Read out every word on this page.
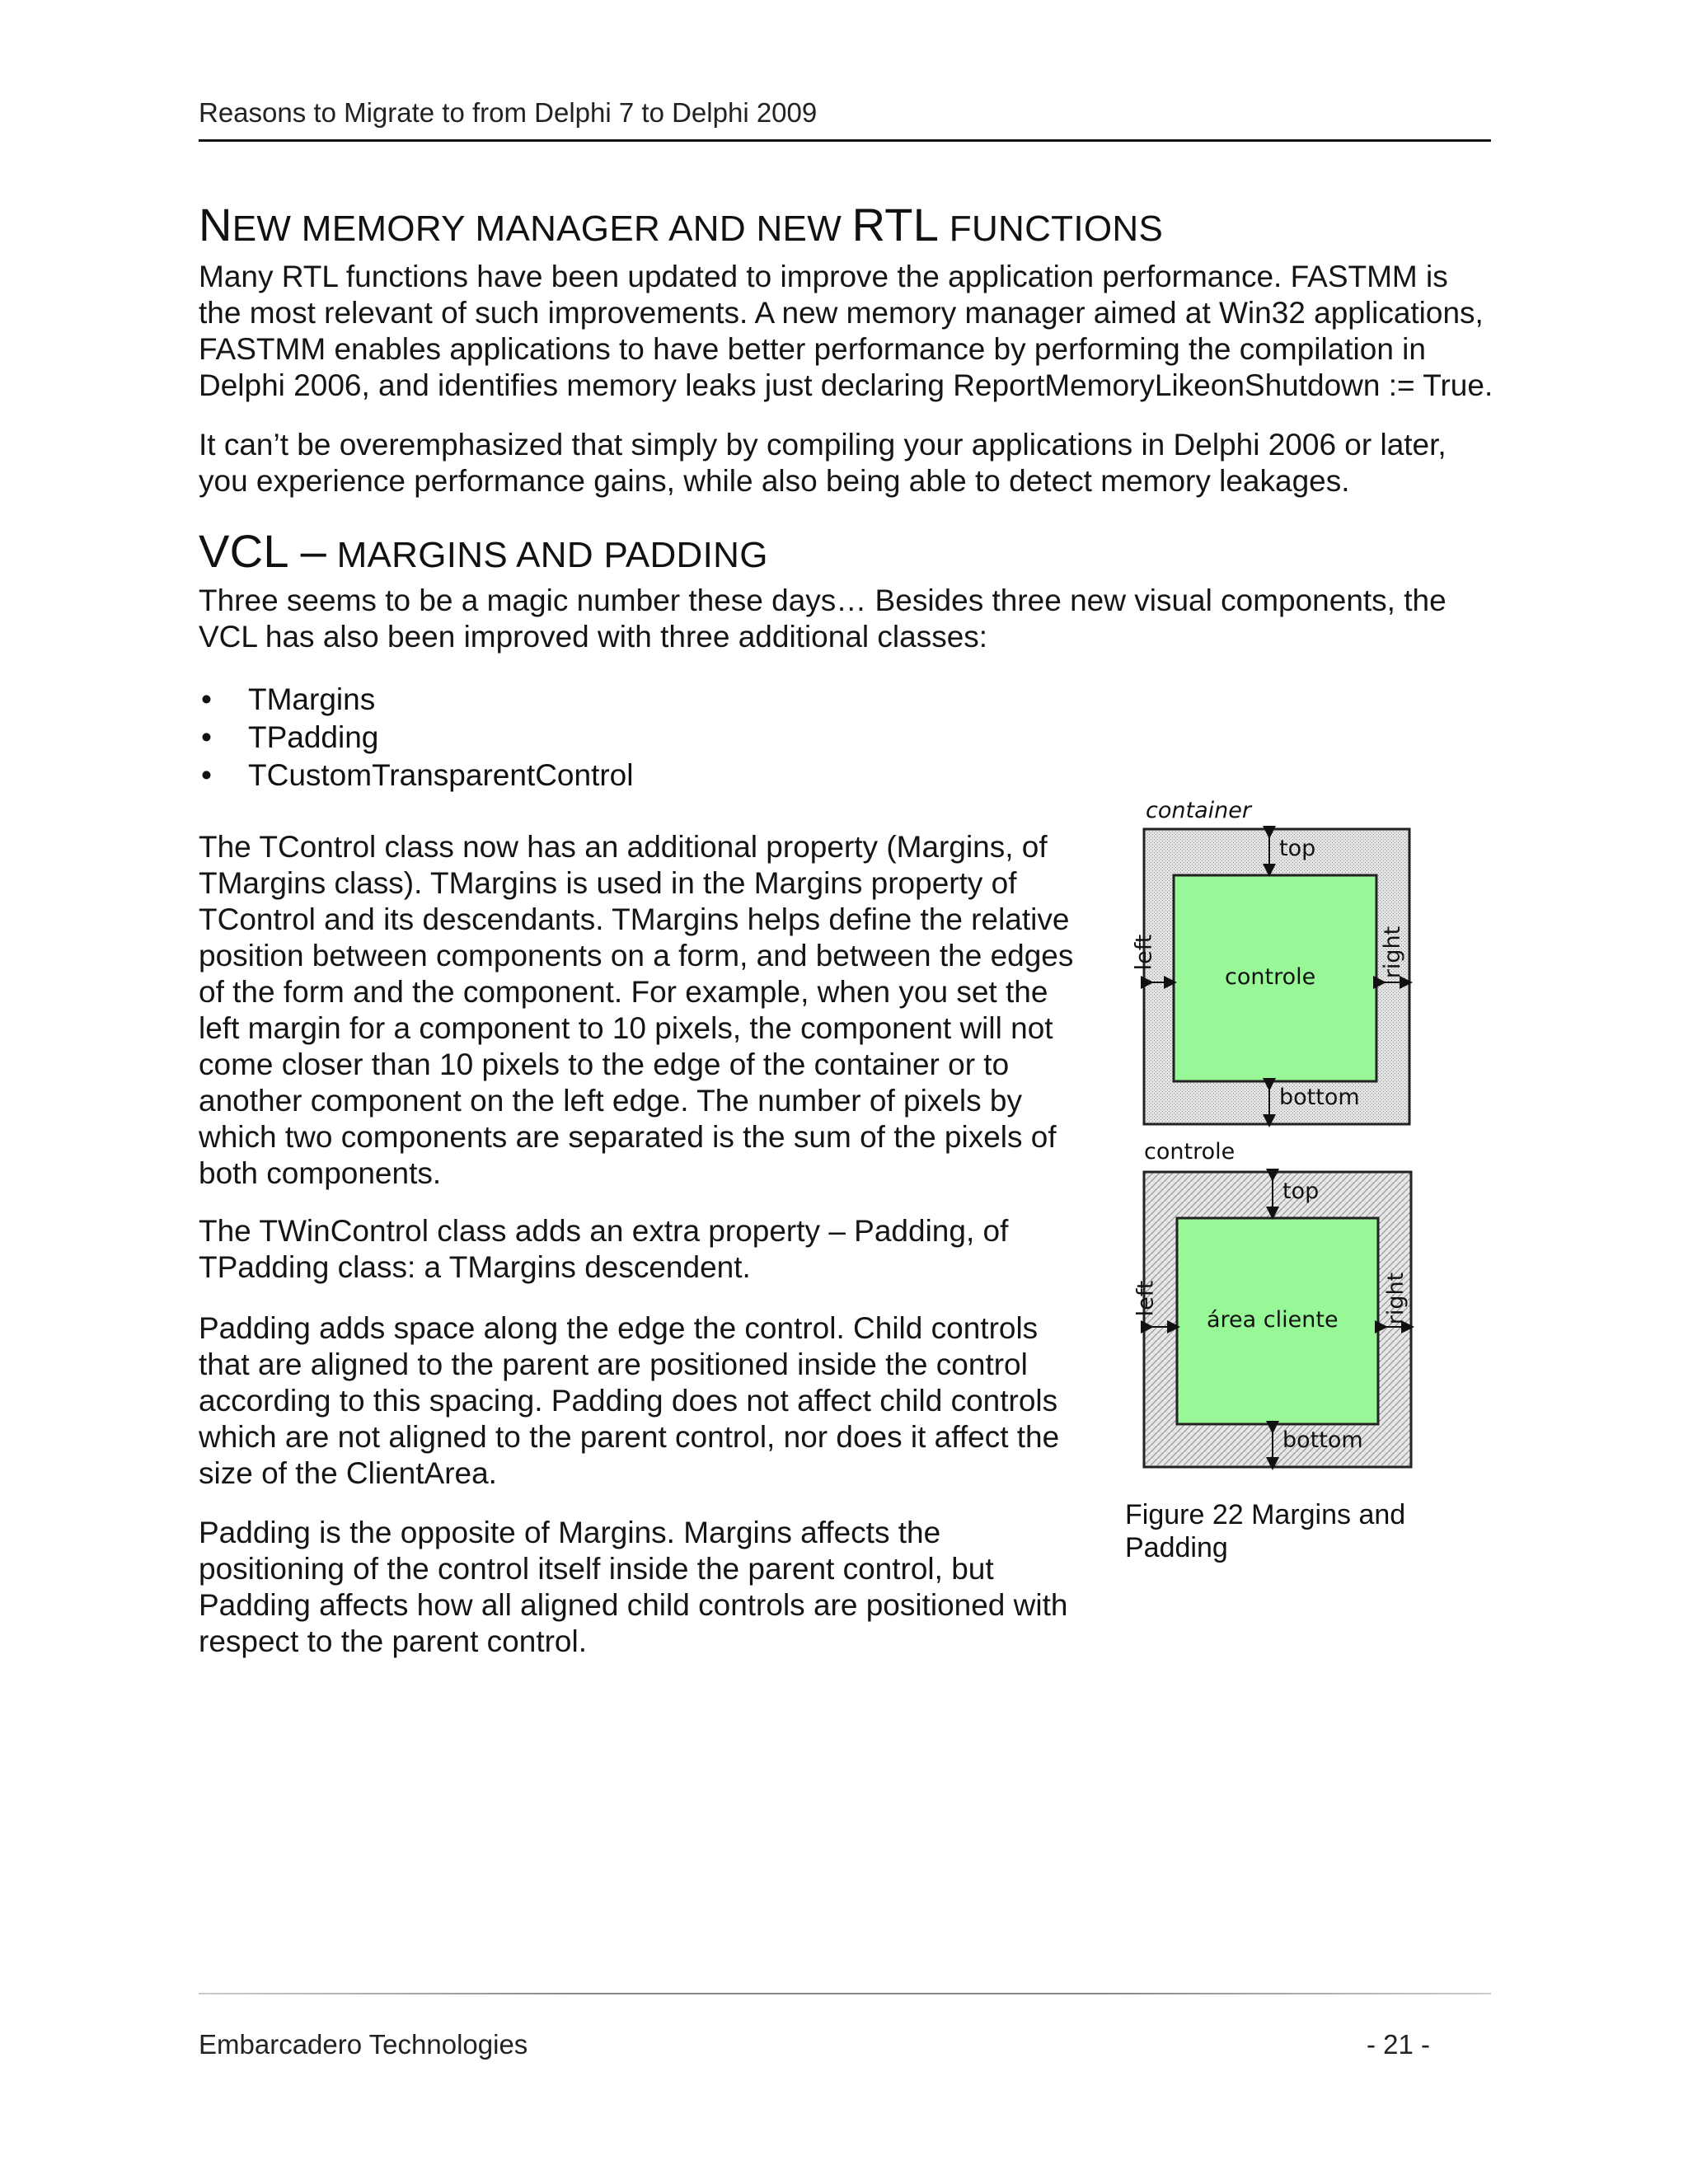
Reasons to Migrate to from Delphi 7 to Delphi 2009
NEW MEMORY MANAGER AND NEW RTL FUNCTIONS

Many RTL functions have been updated to improve the application performance. FASTMM is the most relevant of such improvements. A new memory manager aimed at Win32 applications, FASTMM enables applications to have better performance by performing the compilation in Delphi 2006, and identifies memory leaks just declaring ReportMemoryLikeonShutdown := True.

It can’t be overemphasized that simply by compiling your applications in Delphi 2006 or later, you experience performance gains, while also being able to detect memory leakages.

VCL – MARGINS AND PADDING

Three seems to be a magic number these days… Besides three new visual components, the VCL has also been improved with three additional classes:

• TMargins
• TPadding
• TCustomTransparentControl

The TControl class now has an additional property (Margins, of TMargins class). TMargins is used in the Margins property of TControl and its descendants. TMargins helps define the relative position between components on a form, and between the edges of the form and the component. For example, when you set the left margin for a component to 10 pixels, the component will not come closer than 10 pixels to the edge of the container or to another component on the left edge. The number of pixels by which two components are separated is the sum of the pixels of both components.

The TWinControl class adds an extra property – Padding, of TPadding class: a TMargins descendent.

Padding adds space along the edge the control. Child controls that are aligned to the parent are positioned inside the control according to this spacing. Padding does not affect child controls which are not aligned to the parent control, nor does it affect the size of the ClientArea.

Padding is the opposite of Margins. Margins affects the positioning of the control itself inside the parent control, but Padding affects how all aligned child controls are positioned with respect to the parent control.

container
top
controle
bottom
left	right
controle
top
área cliente
bottom
left	right
Figure 22 Margins and Padding
Embarcadero Technologies	- 21 -
